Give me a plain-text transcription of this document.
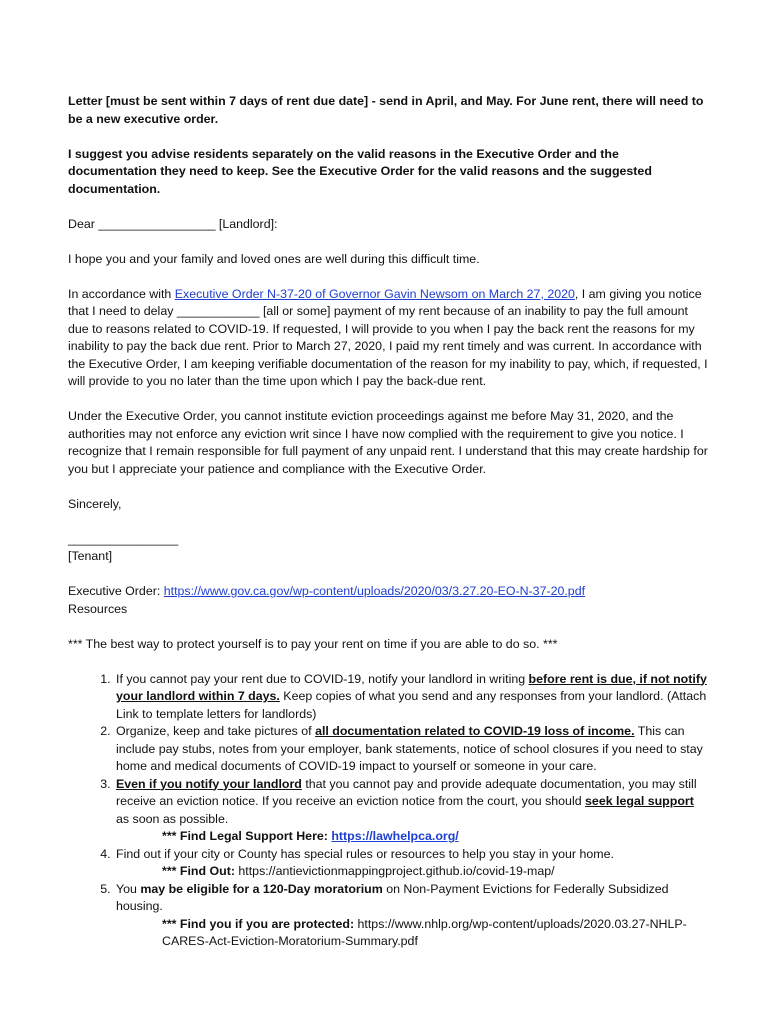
Letter [must be sent within 7 days of rent due date] - send in April, and May. For June rent, there will need to be a new executive order.

I suggest you advise residents separately on the valid reasons in the Executive Order and the documentation they need to keep. See the Executive Order for the valid reasons and the suggested documentation.

Dear _________________ [Landlord]:

I hope you and your family and loved ones are well during this difficult time.

In accordance with Executive Order N-37-20 of Governor Gavin Newsom on March 27, 2020, I am giving you notice that I need to delay ____________ [all or some] payment of my rent because of an inability to pay the full amount due to reasons related to COVID-19. If requested, I will provide to you when I pay the back rent the reasons for my inability to pay the back due rent. Prior to March 27, 2020, I paid my rent timely and was current. In accordance with the Executive Order, I am keeping verifiable documentation of the reason for my inability to pay, which, if requested, I will provide to you no later than the time upon which I pay the back-due rent.

Under the Executive Order, you cannot institute eviction proceedings against me before May 31, 2020, and the authorities may not enforce any eviction writ since I have now complied with the requirement to give you notice. I recognize that I remain responsible for full payment of any unpaid rent. I understand that this may create hardship for you but I appreciate your patience and compliance with the Executive Order.

Sincerely,

________________

[Tenant]

Executive Order: https://www.gov.ca.gov/wp-content/uploads/2020/03/3.27.20-EO-N-37-20.pdf

Resources

*** The best way to protect yourself is to pay your rent on time if you are able to do so. ***

1. If you cannot pay your rent due to COVID-19, notify your landlord in writing before rent is due, if not notify your landlord within 7 days. Keep copies of what you send and any responses from your landlord. (Attach Link to template letters for landlords)
2. Organize, keep and take pictures of all documentation related to COVID-19 loss of income. This can include pay stubs, notes from your employer, bank statements, notice of school closures if you need to stay home and medical documents of COVID-19 impact to yourself or someone in your care.
3. Even if you notify your landlord that you cannot pay and provide adequate documentation, you may still receive an eviction notice. If you receive an eviction notice from the court, you should seek legal support as soon as possible.
*** Find Legal Support Here: https://lawhelpca.org/
4. Find out if your city or County has special rules or resources to help you stay in your home.
*** Find Out: https://antievictionmappingproject.github.io/covid-19-map/
5. You may be eligible for a 120-Day moratorium on Non-Payment Evictions for Federally Subsidized housing.
*** Find you if you are protected: https://www.nhlp.org/wp-content/uploads/2020.03.27-NHLP-CARES-Act-Eviction-Moratorium-Summary.pdf
